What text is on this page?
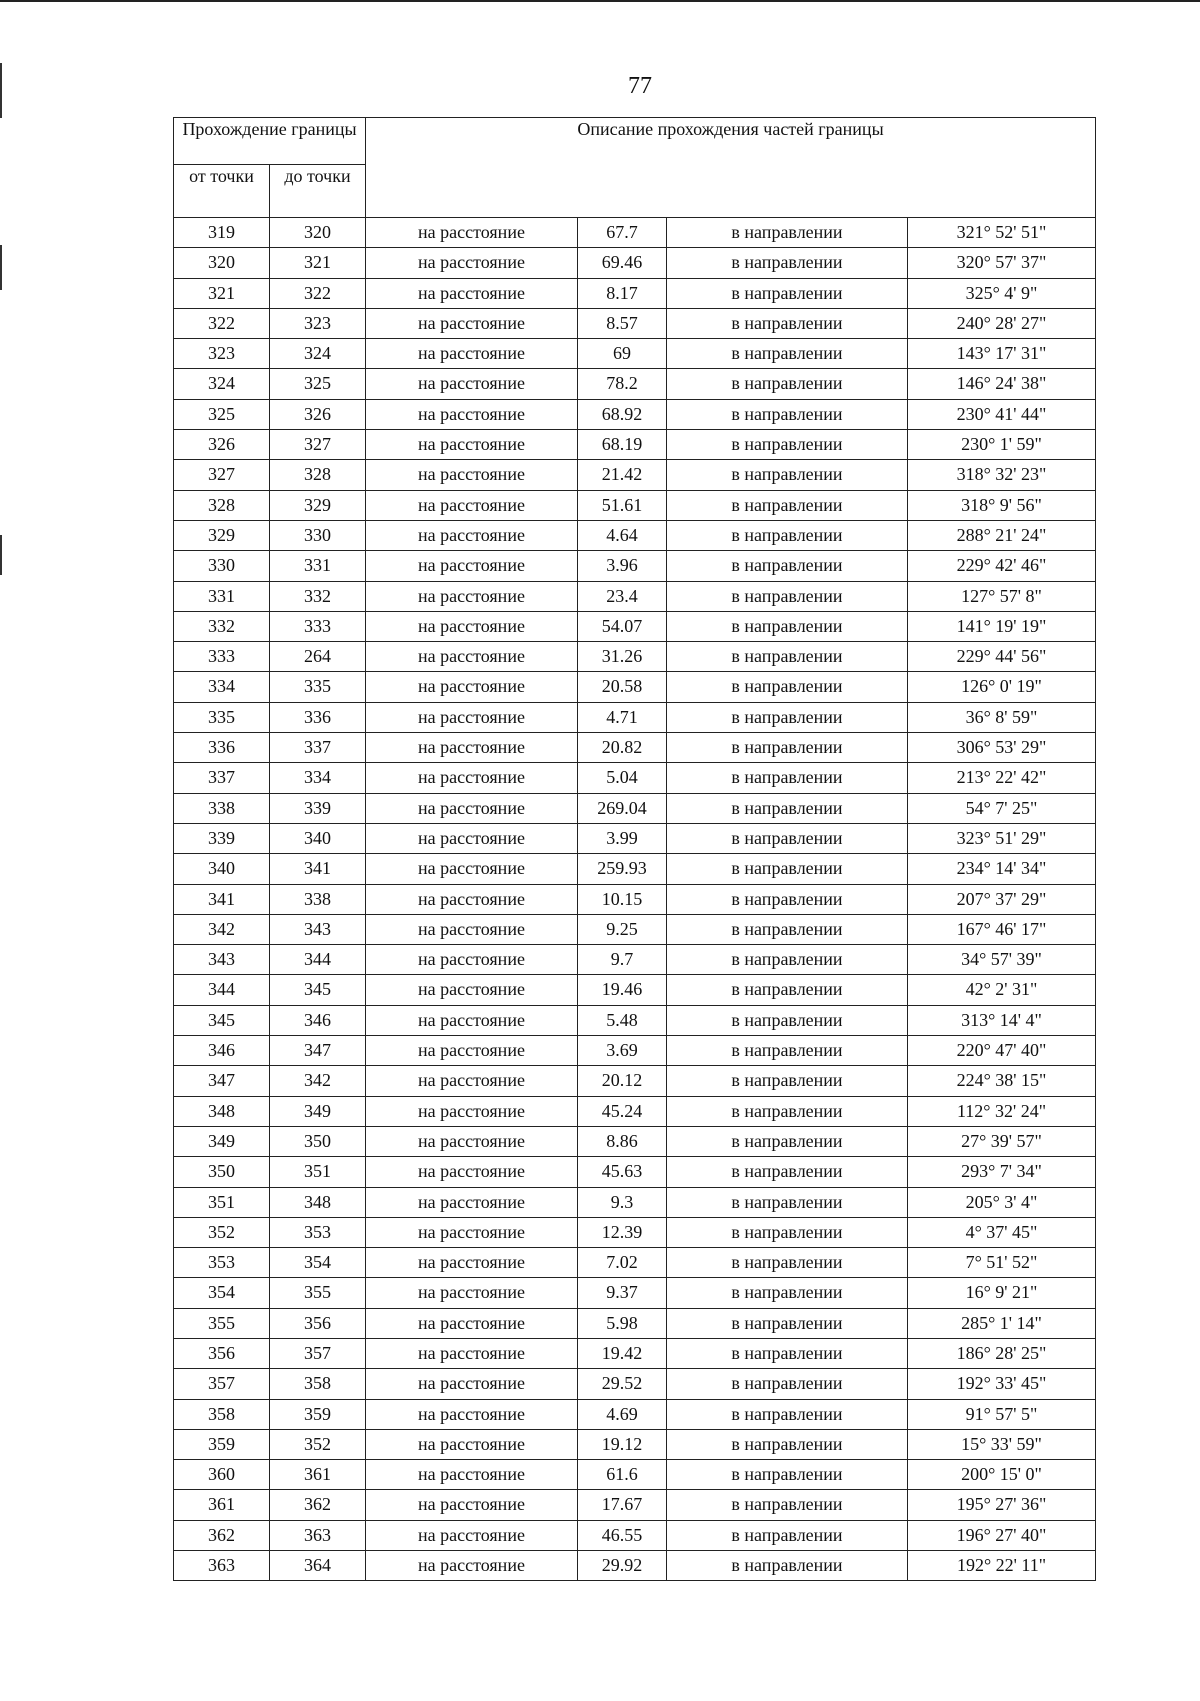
77
Прохождение границы		Описание прохождения частей границы			
от точки	до точки				
319	320	на расстояние	67.7	в направлении	321° 52' 51"
320	321	на расстояние	69.46	в направлении	320° 57' 37"
321	322	на расстояние	8.17	в направлении	325° 4' 9"
322	323	на расстояние	8.57	в направлении	240° 28' 27"
323	324	на расстояние	69	в направлении	143° 17' 31"
324	325	на расстояние	78.2	в направлении	146° 24' 38"
325	326	на расстояние	68.92	в направлении	230° 41' 44"
326	327	на расстояние	68.19	в направлении	230° 1' 59"
327	328	на расстояние	21.42	в направлении	318° 32' 23"
328	329	на расстояние	51.61	в направлении	318° 9' 56"
329	330	на расстояние	4.64	в направлении	288° 21' 24"
330	331	на расстояние	3.96	в направлении	229° 42' 46"
331	332	на расстояние	23.4	в направлении	127° 57' 8"
332	333	на расстояние	54.07	в направлении	141° 19' 19"
333	264	на расстояние	31.26	в направлении	229° 44' 56"
334	335	на расстояние	20.58	в направлении	126° 0' 19"
335	336	на расстояние	4.71	в направлении	36° 8' 59"
336	337	на расстояние	20.82	в направлении	306° 53' 29"
337	334	на расстояние	5.04	в направлении	213° 22' 42"
338	339	на расстояние	269.04	в направлении	54° 7' 25"
339	340	на расстояние	3.99	в направлении	323° 51' 29"
340	341	на расстояние	259.93	в направлении	234° 14' 34"
341	338	на расстояние	10.15	в направлении	207° 37' 29"
342	343	на расстояние	9.25	в направлении	167° 46' 17"
343	344	на расстояние	9.7	в направлении	34° 57' 39"
344	345	на расстояние	19.46	в направлении	42° 2' 31"
345	346	на расстояние	5.48	в направлении	313° 14' 4"
346	347	на расстояние	3.69	в направлении	220° 47' 40"
347	342	на расстояние	20.12	в направлении	224° 38' 15"
348	349	на расстояние	45.24	в направлении	112° 32' 24"
349	350	на расстояние	8.86	в направлении	27° 39' 57"
350	351	на расстояние	45.63	в направлении	293° 7' 34"
351	348	на расстояние	9.3	в направлении	205° 3' 4"
352	353	на расстояние	12.39	в направлении	4° 37' 45"
353	354	на расстояние	7.02	в направлении	7° 51' 52"
354	355	на расстояние	9.37	в направлении	16° 9' 21"
355	356	на расстояние	5.98	в направлении	285° 1' 14"
356	357	на расстояние	19.42	в направлении	186° 28' 25"
357	358	на расстояние	29.52	в направлении	192° 33' 45"
358	359	на расстояние	4.69	в направлении	91° 57' 5"
359	352	на расстояние	19.12	в направлении	15° 33' 59"
360	361	на расстояние	61.6	в направлении	200° 15' 0"
361	362	на расстояние	17.67	в направлении	195° 27' 36"
362	363	на расстояние	46.55	в направлении	196° 27' 40"
363	364	на расстояние	29.92	в направлении	192° 22' 11"
